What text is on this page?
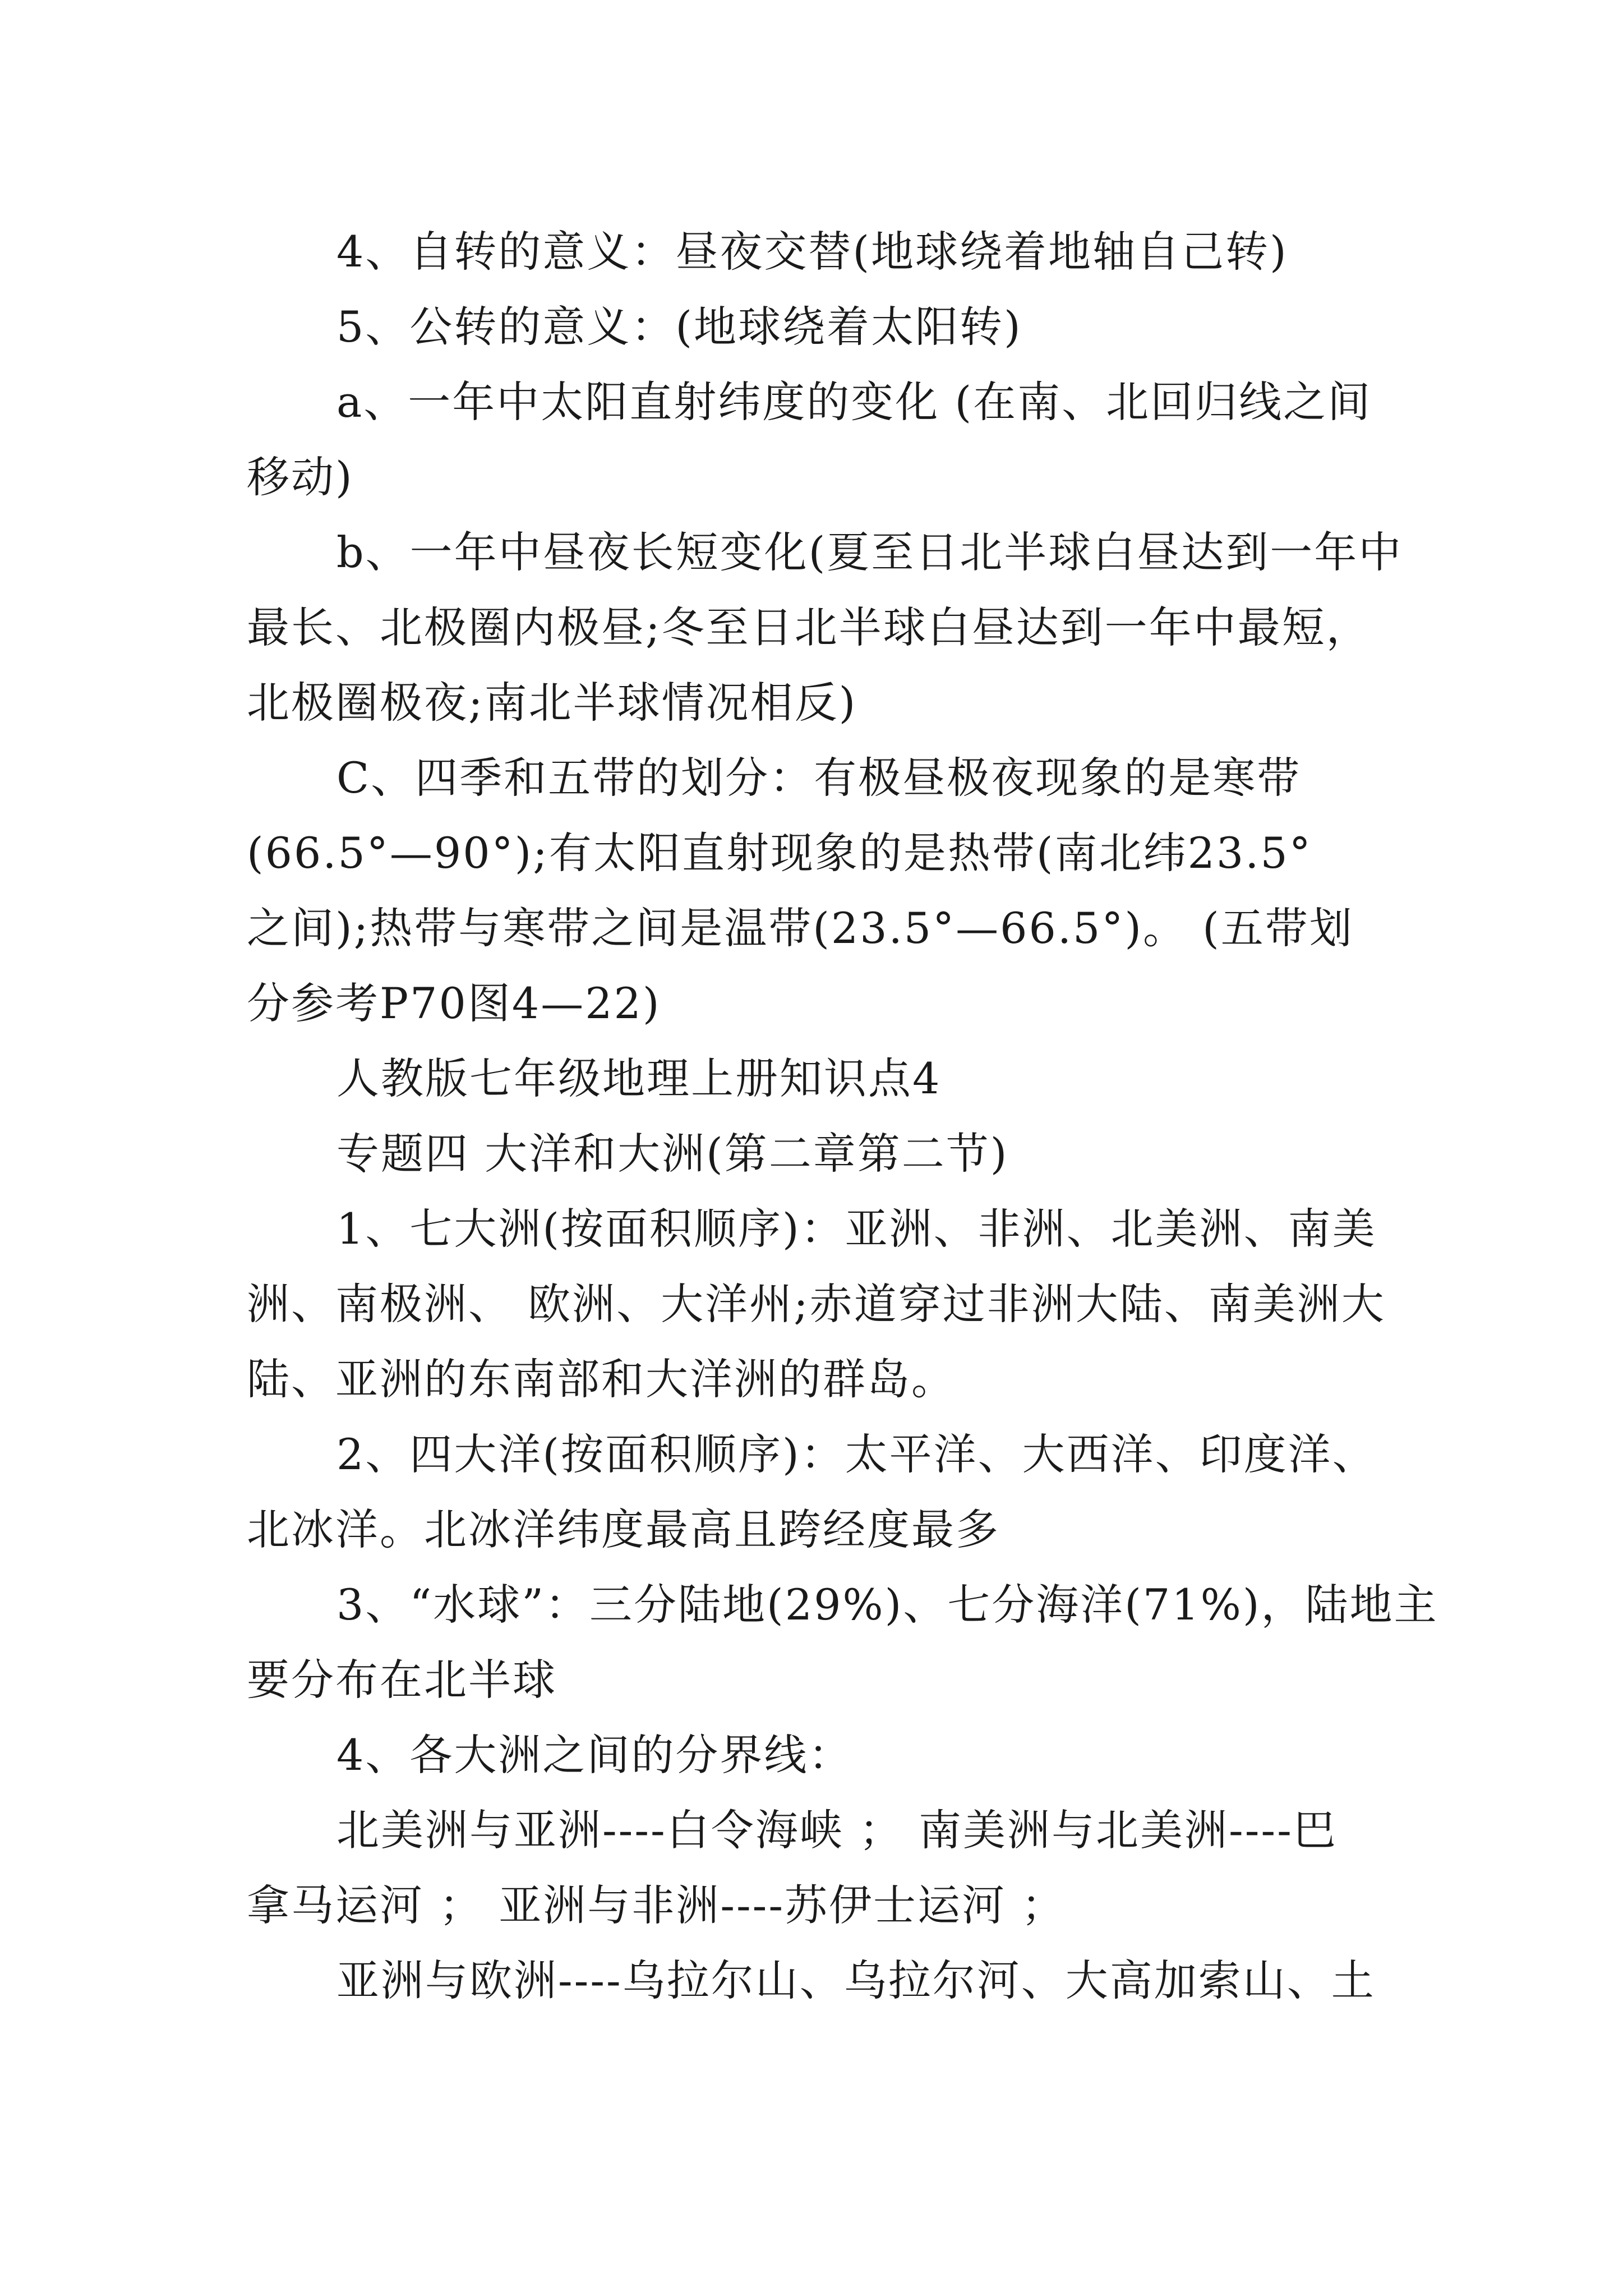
4、自转的意义：昼夜交替(地球绕着地轴自己转)

5、公转的意义：(地球绕着太阳转)

a、一年中太阳直射纬度的变化 (在南、北回归线之间

移动)

b、一年中昼夜长短变化(夏至日北半球白昼达到一年中

最长、北极圈内极昼;冬至日北半球白昼达到一年中最短，

北极圈极夜;南北半球情况相反)

C、四季和五带的划分：有极昼极夜现象的是寒带

(66.5°—90°);有太阳直射现象的是热带(南北纬23.5°

之间);热带与寒带之间是温带(23.5°—66.5°)。 (五带划

分参考P70图4—22)

人教版七年级地理上册知识点4

专题四 大洋和大洲(第二章第二节)

1、七大洲(按面积顺序)：亚洲、非洲、北美洲、南美

洲、南极洲、 欧洲、大洋州;赤道穿过非洲大陆、南美洲大

陆、亚洲的东南部和大洋洲的群岛。

2、四大洋(按面积顺序)：太平洋、大西洋、印度洋、

北冰洋。北冰洋纬度最高且跨经度最多

3、“水球”：三分陆地(29%)、七分海洋(71%)，陆地主

要分布在北半球

4、各大洲之间的分界线：

北美洲与亚洲----白令海峡 ； 南美洲与北美洲----巴

拿马运河 ； 亚洲与非洲----苏伊士运河 ；

亚洲与欧洲----乌拉尔山、乌拉尔河、大高加索山、土
